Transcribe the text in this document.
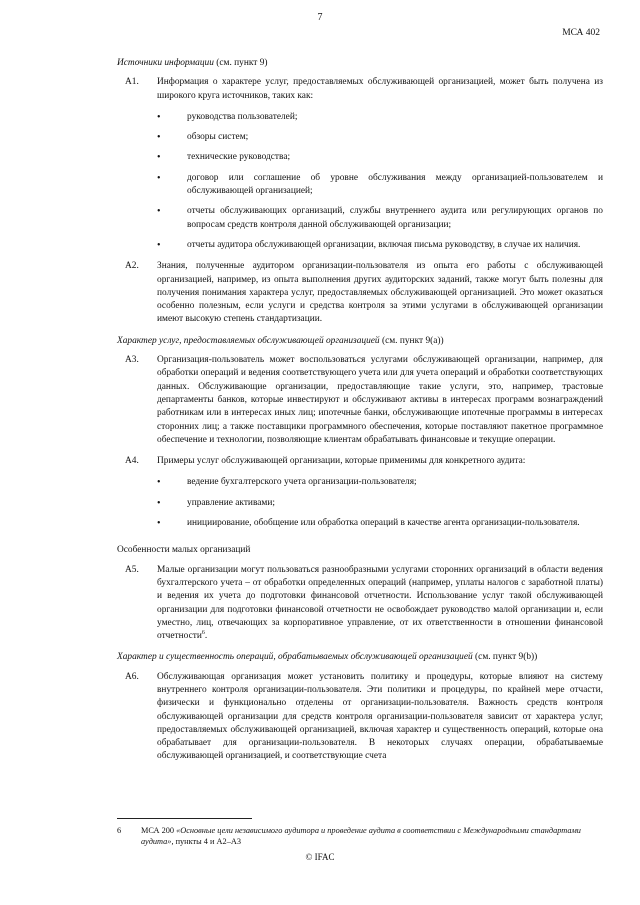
7
МСА 402
Источники информации (см. пункт 9)
A1.	Информация о характере услуг, предоставляемых обслуживающей организацией, может быть получена из широкого круга источников, таких как:
•	руководства пользователей;
•	обзоры систем;
•	технические руководства;
•	договор или соглашение об уровне обслуживания между организацией-пользователем и обслуживающей организацией;
•	отчеты обслуживающих организаций, службы внутреннего аудита или регулирующих органов по вопросам средств контроля данной обслуживающей организации;
•	отчеты аудитора обслуживающей организации, включая письма руководству, в случае их наличия.
A2.	Знания, полученные аудитором организации-пользователя из опыта его работы с обслуживающей организацией, например, из опыта выполнения других аудиторских заданий, также могут быть полезны для получения понимания характера услуг, предоставляемых обслуживающей организацией. Это может оказаться особенно полезным, если услуги и средства контроля за этими услугами в обслуживающей организации имеют высокую степень стандартизации.
Характер услуг, предоставляемых обслуживающей организацией (см. пункт 9(a))
A3.	Организация-пользователь может воспользоваться услугами обслуживающей организации, например, для обработки операций и ведения соответствующего учета или для учета операций и обработки соответствующих данных. Обслуживающие организации, предоставляющие такие услуги, это, например, трастовые департаменты банков, которые инвестируют и обслуживают активы в интересах программ вознаграждений работникам или в интересах иных лиц; ипотечные банки, обслуживающие ипотечные программы в интересах сторонних лиц; а также поставщики программного обеспечения, которые поставляют пакетное программное обеспечение и технологии, позволяющие клиентам обрабатывать финансовые и текущие операции.
A4.	Примеры услуг обслуживающей организации, которые применимы для конкретного аудита:
•	ведение бухгалтерского учета организации-пользователя;
•	управление активами;
•	инициирование, обобщение или обработка операций в качестве агента организации-пользователя.
Особенности малых организаций
A5.	Малые организации могут пользоваться разнообразными услугами сторонних организаций в области ведения бухгалтерского учета – от обработки определенных операций (например, уплаты налогов с заработной платы) и ведения их учета до подготовки финансовой отчетности. Использование услуг такой обслуживающей организации для подготовки финансовой отчетности не освобождает руководство малой организации и, если уместно, лиц, отвечающих за корпоративное управление, от их ответственности в отношении финансовой отчетности$^6$.
Характер и существенность операций, обрабатываемых обслуживающей организацией (см. пункт 9(b))
A6.	Обслуживающая организация может установить политику и процедуры, которые влияют на систему внутреннего контроля организации-пользователя. Эти политики и процедуры, по крайней мере отчасти, физически и функционально отделены от организации-пользователя. Важность средств контроля обслуживающей организации для средств контроля организации-пользователя зависит от характера услуг, предоставляемых обслуживающей организацией, включая характер и существенность операций, которые она обрабатывает для организации-пользователя. В некоторых случаях операции, обрабатываемые обслуживающей организацией, и соответствующие счета
6	МСА 200 «Основные цели независимого аудитора и проведение аудита в соответствии с Международными стандартами аудита», пункты 4 и A2–A3
© IFAC
